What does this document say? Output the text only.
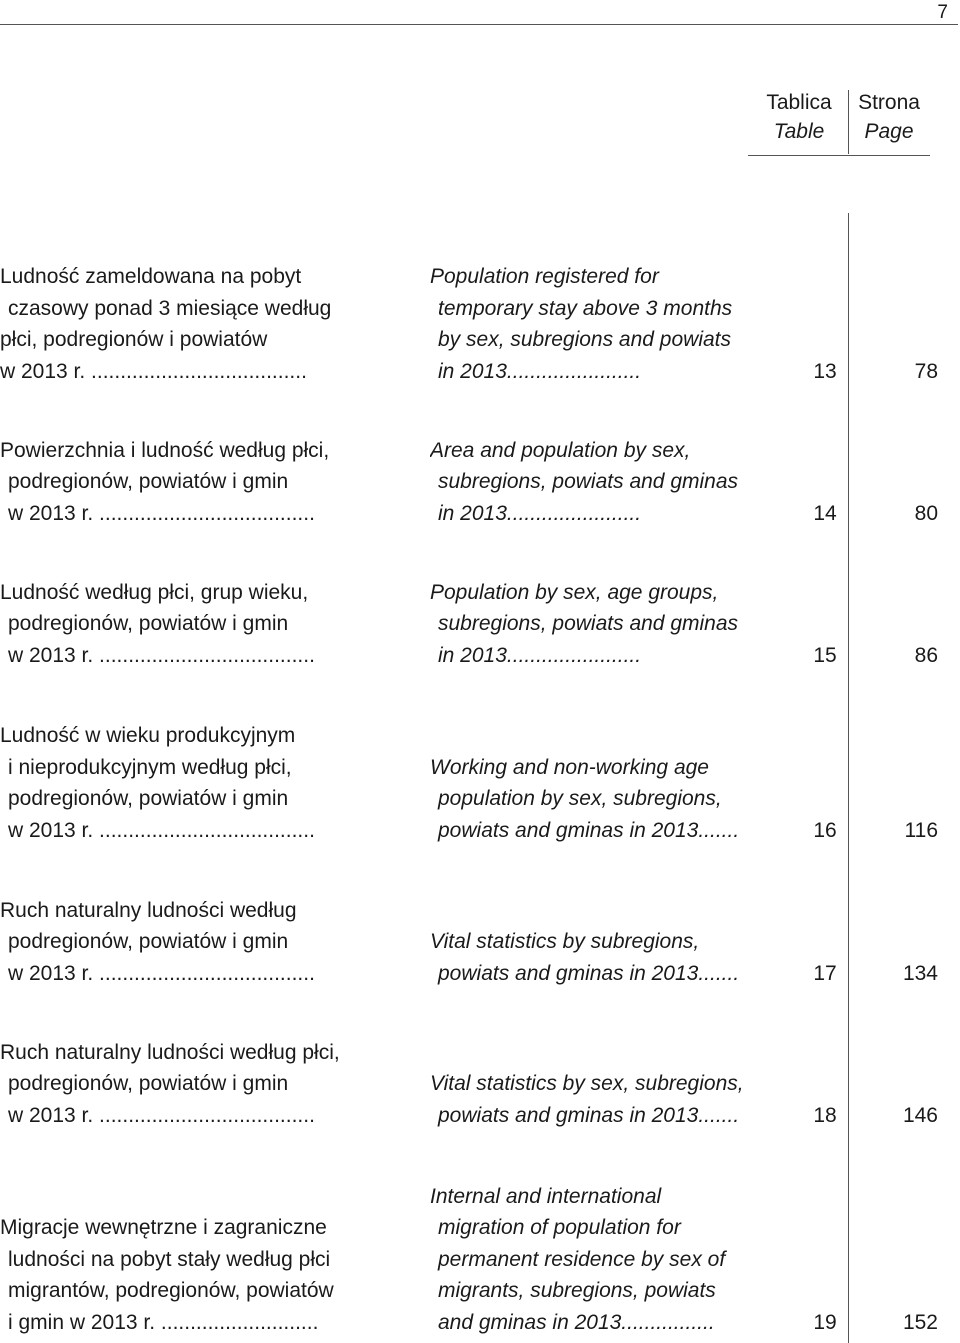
7
Tablica
Table
Strona
Page
Ludność zameldowana na pobyt
czasowy ponad 3 miesiące według
płci, podregionów i powiatów
w 2013 r. .....................................
Population registered for
temporary stay above 3 months
by sex, subregions and powiats
in 2013.......................	13	78
Powierzchnia i ludność według płci,
podregionów, powiatów i gmin
w 2013 r. .....................................
Area and population by sex,
subregions, powiats and gminas
in 2013.......................	14	80
Ludność według płci, grup wieku,
podregionów, powiatów i gmin
w 2013 r. .....................................
Population by sex, age groups,
subregions, powiats and gminas
in 2013.......................	15	86
Ludność w wieku produkcyjnym
i nieprodukcyjnym według płci,
podregionów, powiatów i gmin
w 2013 r. .....................................
Working and non-working age
population by sex, subregions,
powiats and gminas in 2013.......	16	116
Ruch naturalny ludności według
podregionów, powiatów i gmin
w 2013 r. .....................................
Vital statistics by subregions,
powiats and gminas in 2013.......	17	134
Ruch naturalny ludności według płci,
podregionów, powiatów i gmin
w 2013 r. .....................................
Vital statistics by sex, subregions,
powiats and gminas in 2013.......	18	146
Migracje wewnętrzne i zagraniczne
ludności na pobyt stały według płci
migrantów, podregionów, powiatów
i gmin w 2013 r. ...........................
Internal and international
migration of population for
permanent residence by sex of
migrants, subregions, powiats
and gminas in 2013................	19	152
